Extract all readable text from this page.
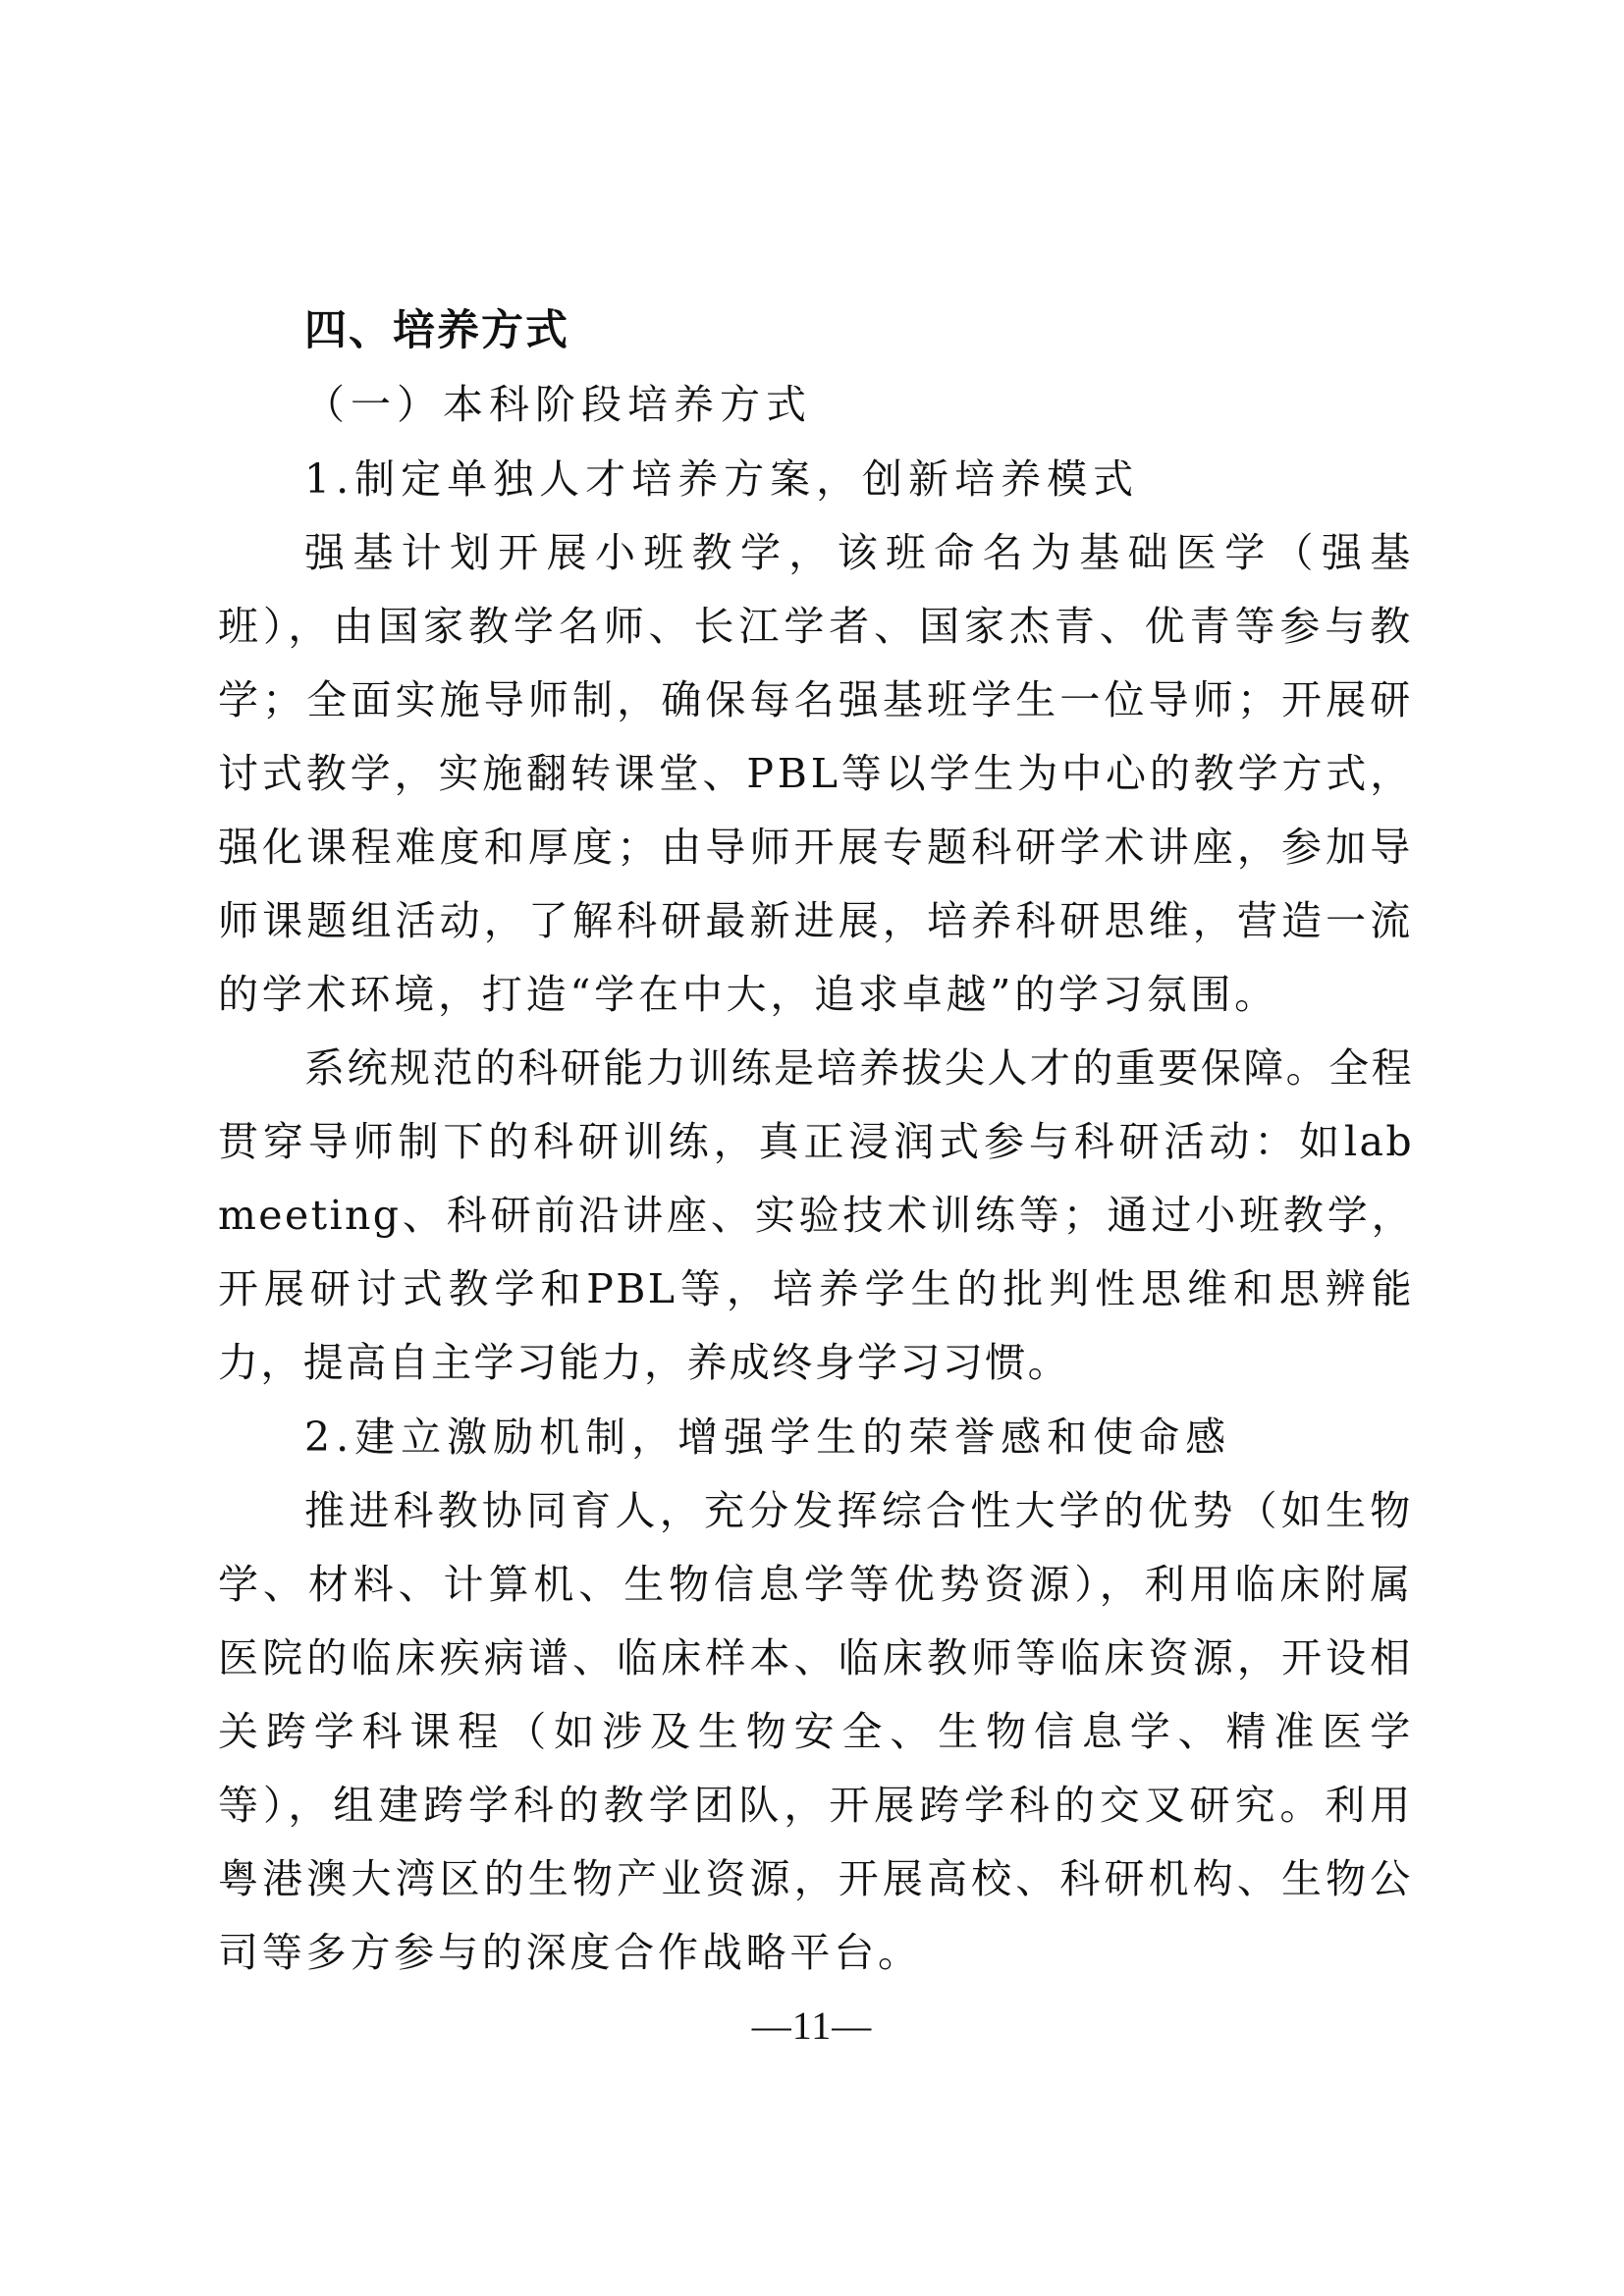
四、培养方式
（一）本科阶段培养方式
1.制定单独人才培养方案，创新培养模式

强基计划开展小班教学，该班命名为基础医学（强基班），由国家教学名师、长江学者、国家杰青、优青等参与教学；全面实施导师制，确保每名强基班学生一位导师；开展研讨式教学，实施翻转课堂、PBL等以学生为中心的教学方式，强化课程难度和厚度；由导师开展专题科研学术讲座，参加导师课题组活动，了解科研最新进展，培养科研思维，营造一流的学术环境，打造“学在中大，追求卓越”的学习氛围。

系统规范的科研能力训练是培养拔尖人才的重要保障。全程贯穿导师制下的科研训练，真正浸润式参与科研活动：如lab meeting、科研前沿讲座、实验技术训练等；通过小班教学，开展研讨式教学和PBL等，培养学生的批判性思维和思辨能力，提高自主学习能力，养成终身学习习惯。

2.建立激励机制，增强学生的荣誉感和使命感

推进科教协同育人，充分发挥综合性大学的优势（如生物学、材料、计算机、生物信息学等优势资源），利用临床附属医院的临床疾病谱、临床样本、临床教师等临床资源，开设相关跨学科课程（如涉及生物安全、生物信息学、精准医学等），组建跨学科的教学团队，开展跨学科的交叉研究。利用粤港澳大湾区的生物产业资源，开展高校、科研机构、生物公司等多方参与的深度合作战略平台。

—11—
